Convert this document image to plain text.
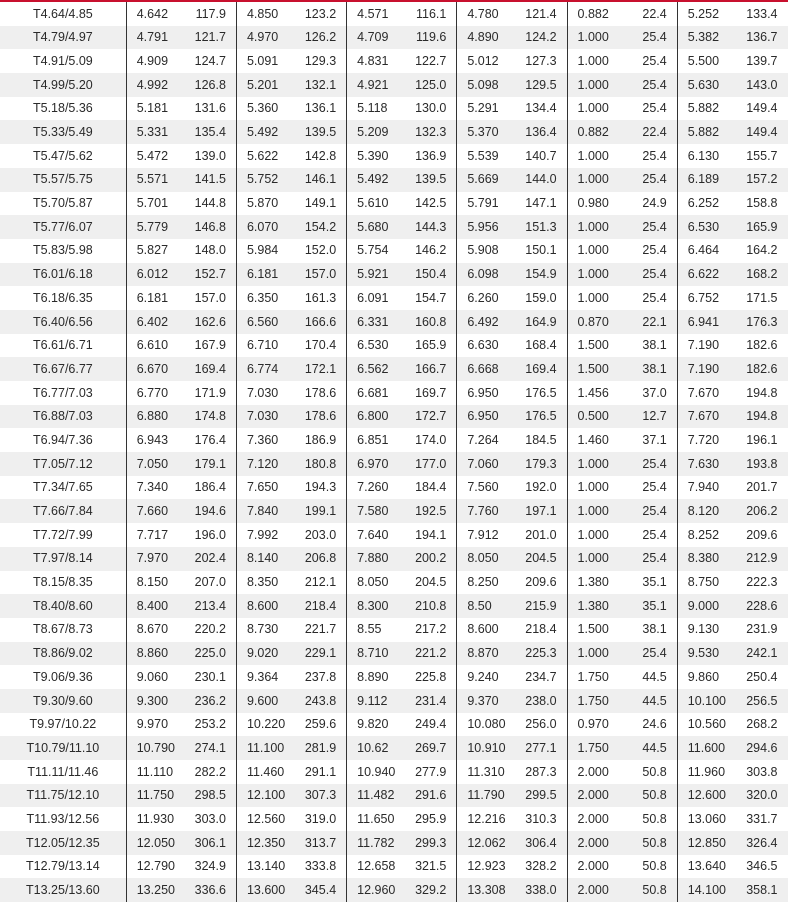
T4.64/4.85	4.642	117.9	4.850	123.2	4.571	116.1	4.780	121.4	0.882	22.4	5.252	133.4
T4.79/4.97	4.791	121.7	4.970	126.2	4.709	119.6	4.890	124.2	1.000	25.4	5.382	136.7
T4.91/5.09	4.909	124.7	5.091	129.3	4.831	122.7	5.012	127.3	1.000	25.4	5.500	139.7
T4.99/5.20	4.992	126.8	5.201	132.1	4.921	125.0	5.098	129.5	1.000	25.4	5.630	143.0
T5.18/5.36	5.181	131.6	5.360	136.1	5.118	130.0	5.291	134.4	1.000	25.4	5.882	149.4
T5.33/5.49	5.331	135.4	5.492	139.5	5.209	132.3	5.370	136.4	0.882	22.4	5.882	149.4
T5.47/5.62	5.472	139.0	5.622	142.8	5.390	136.9	5.539	140.7	1.000	25.4	6.130	155.7
T5.57/5.75	5.571	141.5	5.752	146.1	5.492	139.5	5.669	144.0	1.000	25.4	6.189	157.2
T5.70/5.87	5.701	144.8	5.870	149.1	5.610	142.5	5.791	147.1	0.980	24.9	6.252	158.8
T5.77/6.07	5.779	146.8	6.070	154.2	5.680	144.3	5.956	151.3	1.000	25.4	6.530	165.9
T5.83/5.98	5.827	148.0	5.984	152.0	5.754	146.2	5.908	150.1	1.000	25.4	6.464	164.2
T6.01/6.18	6.012	152.7	6.181	157.0	5.921	150.4	6.098	154.9	1.000	25.4	6.622	168.2
T6.18/6.35	6.181	157.0	6.350	161.3	6.091	154.7	6.260	159.0	1.000	25.4	6.752	171.5
T6.40/6.56	6.402	162.6	6.560	166.6	6.331	160.8	6.492	164.9	0.870	22.1	6.941	176.3
T6.61/6.71	6.610	167.9	6.710	170.4	6.530	165.9	6.630	168.4	1.500	38.1	7.190	182.6
T6.67/6.77	6.670	169.4	6.774	172.1	6.562	166.7	6.668	169.4	1.500	38.1	7.190	182.6
T6.77/7.03	6.770	171.9	7.030	178.6	6.681	169.7	6.950	176.5	1.456	37.0	7.670	194.8
T6.88/7.03	6.880	174.8	7.030	178.6	6.800	172.7	6.950	176.5	0.500	12.7	7.670	194.8
T6.94/7.36	6.943	176.4	7.360	186.9	6.851	174.0	7.264	184.5	1.460	37.1	7.720	196.1
T7.05/7.12	7.050	179.1	7.120	180.8	6.970	177.0	7.060	179.3	1.000	25.4	7.630	193.8
T7.34/7.65	7.340	186.4	7.650	194.3	7.260	184.4	7.560	192.0	1.000	25.4	7.940	201.7
T7.66/7.84	7.660	194.6	7.840	199.1	7.580	192.5	7.760	197.1	1.000	25.4	8.120	206.2
T7.72/7.99	7.717	196.0	7.992	203.0	7.640	194.1	7.912	201.0	1.000	25.4	8.252	209.6
T7.97/8.14	7.970	202.4	8.140	206.8	7.880	200.2	8.050	204.5	1.000	25.4	8.380	212.9
T8.15/8.35	8.150	207.0	8.350	212.1	8.050	204.5	8.250	209.6	1.380	35.1	8.750	222.3
T8.40/8.60	8.400	213.4	8.600	218.4	8.300	210.8	8.50	215.9	1.380	35.1	9.000	228.6
T8.67/8.73	8.670	220.2	8.730	221.7	8.55	217.2	8.600	218.4	1.500	38.1	9.130	231.9
T8.86/9.02	8.860	225.0	9.020	229.1	8.710	221.2	8.870	225.3	1.000	25.4	9.530	242.1
T9.06/9.36	9.060	230.1	9.364	237.8	8.890	225.8	9.240	234.7	1.750	44.5	9.860	250.4
T9.30/9.60	9.300	236.2	9.600	243.8	9.112	231.4	9.370	238.0	1.750	44.5	10.100	256.5
T9.97/10.22	9.970	253.2	10.220	259.6	9.820	249.4	10.080	256.0	0.970	24.6	10.560	268.2
T10.79/11.10	10.790	274.1	11.100	281.9	10.62	269.7	10.910	277.1	1.750	44.5	11.600	294.6
T11.11/11.46	11.110	282.2	11.460	291.1	10.940	277.9	11.310	287.3	2.000	50.8	11.960	303.8
T11.75/12.10	11.750	298.5	12.100	307.3	11.482	291.6	11.790	299.5	2.000	50.8	12.600	320.0
T11.93/12.56	11.930	303.0	12.560	319.0	11.650	295.9	12.216	310.3	2.000	50.8	13.060	331.7
T12.05/12.35	12.050	306.1	12.350	313.7	11.782	299.3	12.062	306.4	2.000	50.8	12.850	326.4
T12.79/13.14	12.790	324.9	13.140	333.8	12.658	321.5	12.923	328.2	2.000	50.8	13.640	346.5
T13.25/13.60	13.250	336.6	13.600	345.4	12.960	329.2	13.308	338.0	2.000	50.8	14.100	358.1
